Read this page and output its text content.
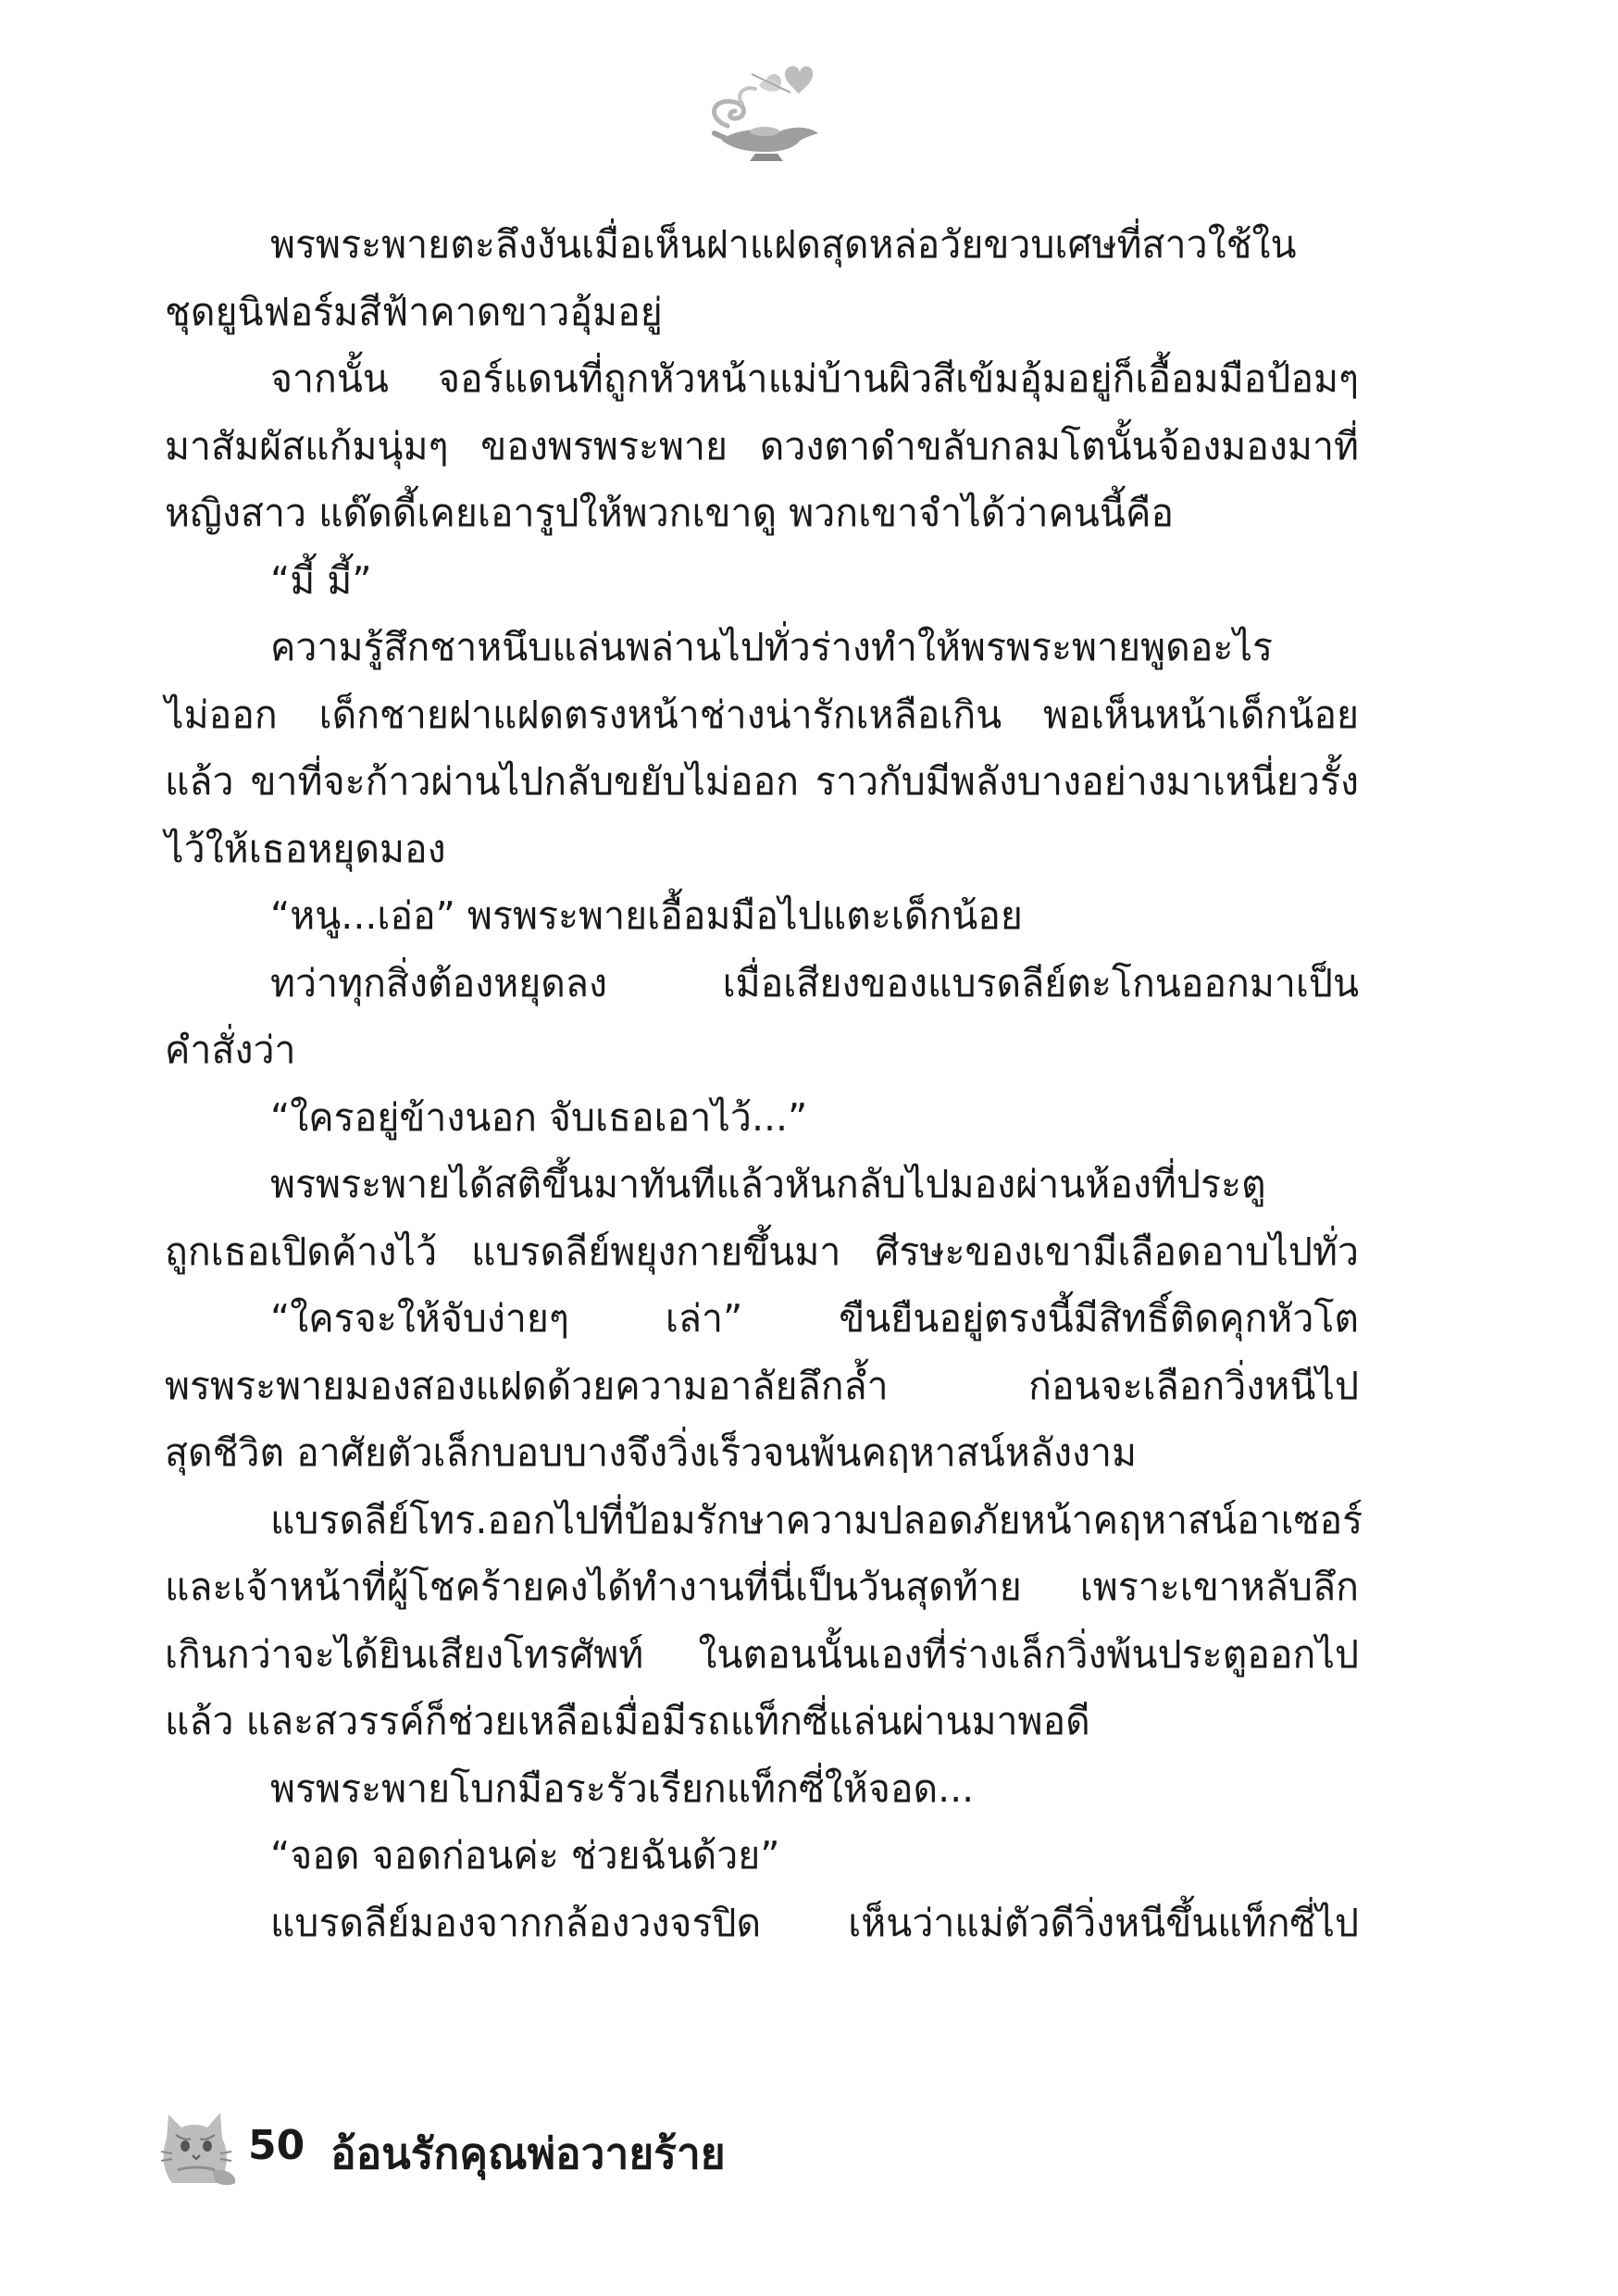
พรพระพายตะลึงงันเมื่อเห็นฝาแฝดสุดหล่อวัยขวบเศษที่สาวใช้ใน
ชุดยูนิฟอร์มสีฟ้าคาดขาวอุ้มอยู่
จากนั้น จอร์แดนที่ถูกหัวหน้าแม่บ้านผิวสีเข้มอุ้มอยู่ก็เอื้อมมือป้อมๆ
มาสัมผัสแก้มนุ่มๆ ของพรพระพาย ดวงตาดำขลับกลมโตนั้นจ้องมองมาที่
หญิงสาว แด๊ดดี้เคยเอารูปให้พวกเขาดู พวกเขาจำได้ว่าคนนี้คือ
“มี้ มี้”
ความรู้สึกชาหนึบแล่นพล่านไปทั่วร่างทำให้พรพระพายพูดอะไร
ไม่ออก เด็กชายฝาแฝดตรงหน้าช่างน่ารักเหลือเกิน พอเห็นหน้าเด็กน้อย
แล้ว ขาที่จะก้าวผ่านไปกลับขยับไม่ออก ราวกับมีพลังบางอย่างมาเหนี่ยวรั้ง
ไว้ให้เธอหยุดมอง
“หนู...เอ่อ” พรพระพายเอื้อมมือไปแตะเด็กน้อย
ทว่าทุกสิ่งต้องหยุดลง เมื่อเสียงของแบรดลีย์ตะโกนออกมาเป็น
คำสั่งว่า
“ใครอยู่ข้างนอก จับเธอเอาไว้...”
พรพระพายได้สติขึ้นมาทันทีแล้วหันกลับไปมองผ่านห้องที่ประตู
ถูกเธอเปิดค้างไว้ แบรดลีย์พยุงกายขึ้นมา ศีรษะของเขามีเลือดอาบไปทั่ว
“ใครจะให้จับง่ายๆ เล่า” ขืนยืนอยู่ตรงนี้มีสิทธิ์ติดคุกหัวโต
พรพระพายมองสองแฝดด้วยความอาลัยลึกล้ำ ก่อนจะเลือกวิ่งหนีไป
สุดชีวิต อาศัยตัวเล็กบอบบางจึงวิ่งเร็วจนพ้นคฤหาสน์หลังงาม
แบรดลีย์โทร.ออกไปที่ป้อมรักษาความปลอดภัยหน้าคฤหาสน์อาเซอร์
และเจ้าหน้าที่ผู้โชคร้ายคงได้ทำงานที่นี่เป็นวันสุดท้าย เพราะเขาหลับลึก
เกินกว่าจะได้ยินเสียงโทรศัพท์ ในตอนนั้นเองที่ร่างเล็กวิ่งพ้นประตูออกไป
แล้ว และสวรรค์ก็ช่วยเหลือเมื่อมีรถแท็กซี่แล่นผ่านมาพอดี
พรพระพายโบกมือระรัวเรียกแท็กซี่ให้จอด...
“จอด จอดก่อนค่ะ ช่วยฉันด้วย”
แบรดลีย์มองจากกล้องวงจรปิด เห็นว่าแม่ตัวดีวิ่งหนีขึ้นแท็กซี่ไป
50 อ้อนรักคุณพ่อวายร้าย
